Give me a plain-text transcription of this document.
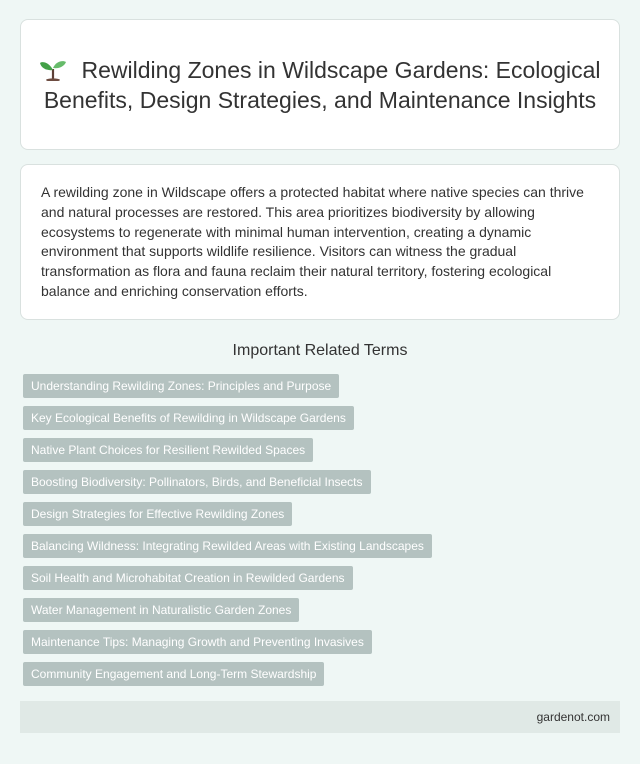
Rewilding Zones in Wildscape Gardens: Ecological Benefits, Design Strategies, and Maintenance Insights

A rewilding zone in Wildscape offers a protected habitat where native species can thrive and natural processes are restored. This area prioritizes biodiversity by allowing ecosystems to regenerate with minimal human intervention, creating a dynamic environment that supports wildlife resilience. Visitors can witness the gradual transformation as flora and fauna reclaim their natural territory, fostering ecological balance and enriching conservation efforts.

Important Related Terms
Understanding Rewilding Zones: Principles and Purpose
Key Ecological Benefits of Rewilding in Wildscape Gardens
Native Plant Choices for Resilient Rewilded Spaces
Boosting Biodiversity: Pollinators, Birds, and Beneficial Insects
Design Strategies for Effective Rewilding Zones
Balancing Wildness: Integrating Rewilded Areas with Existing Landscapes
Soil Health and Microhabitat Creation in Rewilded Gardens
Water Management in Naturalistic Garden Zones
Maintenance Tips: Managing Growth and Preventing Invasives
Community Engagement and Long-Term Stewardship
gardenot.com
